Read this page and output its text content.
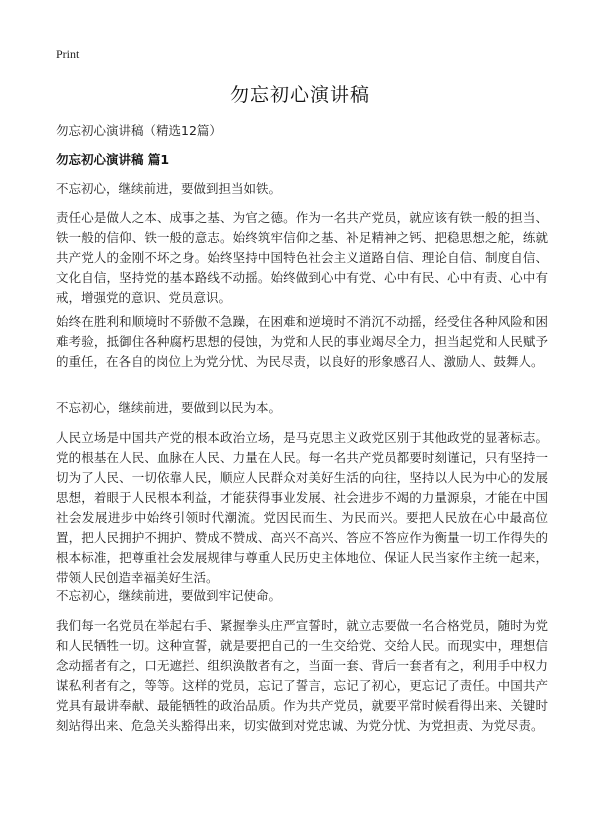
Print
勿忘初心演讲稿
勿忘初心演讲稿（精选12篇）
勿忘初心演讲稿 篇1

不忘初心，继续前进，要做到担当如铁。

责任心是做人之本、成事之基、为官之德。作为一名共产党员，就应该有铁一般的担当、铁一般的信仰、铁一般的意志。始终筑牢信仰之基、补足精神之钙、把稳思想之舵，练就共产党人的金刚不坏之身。始终坚持中国特色社会主义道路自信、理论自信、制度自信、文化自信，坚持党的基本路线不动摇。始终做到心中有党、心中有民、心中有责、心中有戒，增强党的意识、党员意识。

始终在胜利和顺境时不骄傲不急躁，在困难和逆境时不消沉不动摇，经受住各种风险和困难考验，抵御住各种腐朽思想的侵蚀，为党和人民的事业竭尽全力，担当起党和人民赋予的重任，在各自的岗位上为党分忧、为民尽责，以良好的形象感召人、激励人、鼓舞人。

不忘初心，继续前进，要做到以民为本。

人民立场是中国共产党的根本政治立场，是马克思主义政党区别于其他政党的显著标志。党的根基在人民、血脉在人民、力量在人民。每一名共产党员都要时刻谨记，只有坚持一切为了人民、一切依靠人民，顺应人民群众对美好生活的向往，坚持以人民为中心的发展思想，着眼于人民根本利益，才能获得事业发展、社会进步不竭的力量源泉，才能在中国社会发展进步中始终引领时代潮流。党因民而生、为民而兴。要把人民放在心中最高位置，把人民拥护不拥护、赞成不赞成、高兴不高兴、答应不答应作为衡量一切工作得失的根本标准，把尊重社会发展规律与尊重人民历史主体地位、保证人民当家作主统一起来，带领人民创造幸福美好生活。

不忘初心，继续前进，要做到牢记使命。

我们每一名党员在举起右手、紧握拳头庄严宣誓时，就立志要做一名合格党员，随时为党和人民牺牲一切。这种宣誓，就是要把自己的一生交给党、交给人民。而现实中，理想信念动摇者有之，口无遮拦、组织涣散者有之，当面一套、背后一套者有之，利用手中权力谋私利者有之，等等。这样的党员，忘记了誓言，忘记了初心，更忘记了责任。中国共产党具有最讲奉献、最能牺牲的政治品质。作为共产党员，就要平常时候看得出来、关键时刻站得出来、危急关头豁得出来，切实做到对党忠诚、为党分忧、为党担责、为党尽责。
